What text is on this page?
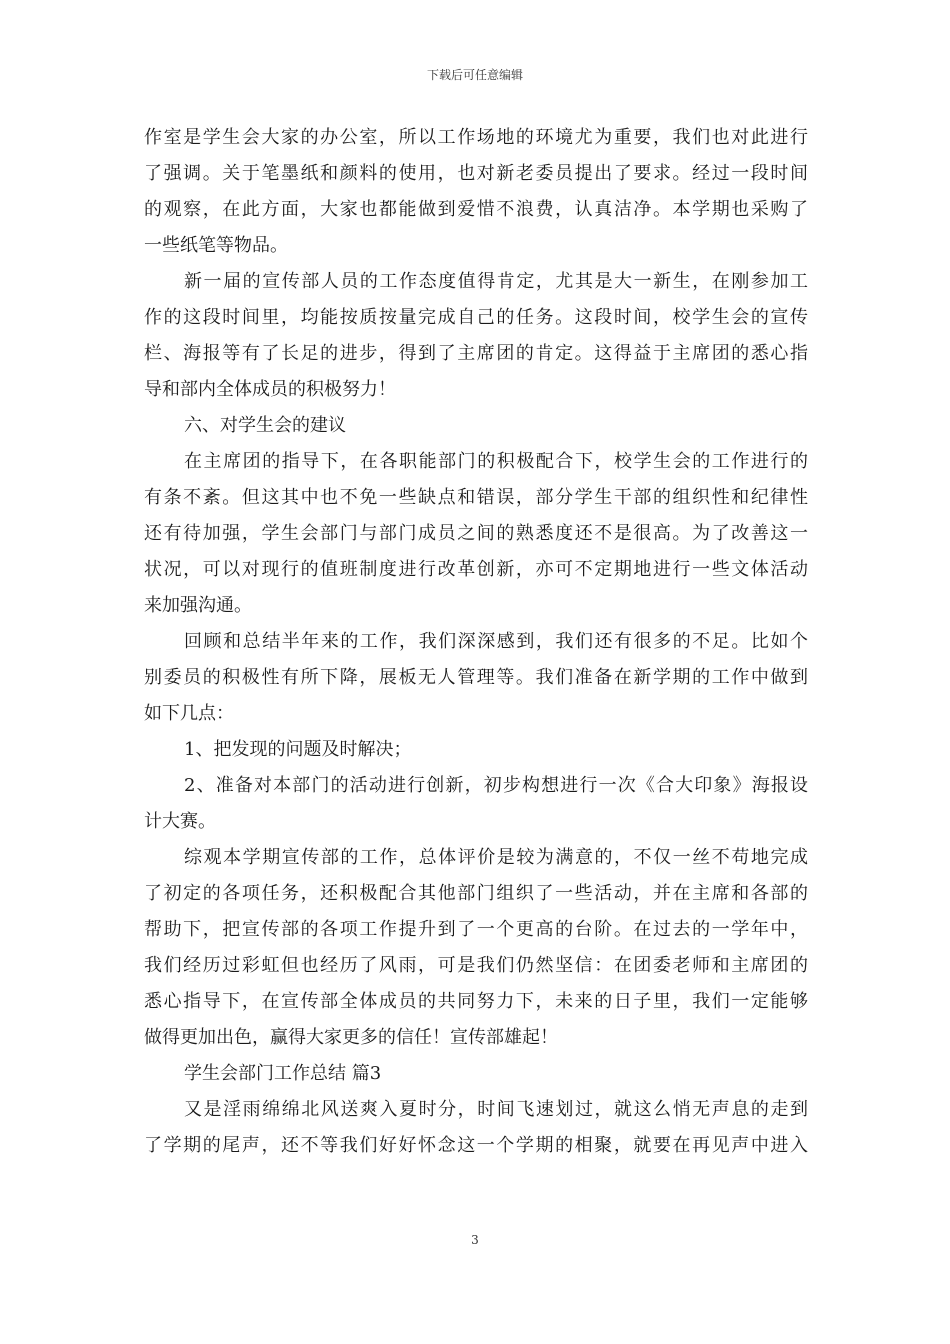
下载后可任意编辑
作室是学生会大家的办公室，所以工作场地的环境尤为重要，我们也对此进行
了强调。关于笔墨纸和颜料的使用，也对新老委员提出了要求。经过一段时间
的观察，在此方面，大家也都能做到爱惜不浪费，认真洁净。本学期也采购了
一些纸笔等物品。
新一届的宣传部人员的工作态度值得肯定，尤其是大一新生，在刚参加工
作的这段时间里，均能按质按量完成自己的任务。这段时间，校学生会的宣传
栏、海报等有了长足的进步，得到了主席团的肯定。这得益于主席团的悉心指
导和部内全体成员的积极努力！
六、对学生会的建议
在主席团的指导下，在各职能部门的积极配合下，校学生会的工作进行的
有条不紊。但这其中也不免一些缺点和错误，部分学生干部的组织性和纪律性
还有待加强，学生会部门与部门成员之间的熟悉度还不是很高。为了改善这一
状况，可以对现行的值班制度进行改革创新，亦可不定期地进行一些文体活动
来加强沟通。
回顾和总结半年来的工作，我们深深感到，我们还有很多的不足。比如个
别委员的积极性有所下降，展板无人管理等。我们准备在新学期的工作中做到
如下几点：
1、把发现的问题及时解决；
2、准备对本部门的活动进行创新，初步构想进行一次《合大印象》海报设
计大赛。
综观本学期宣传部的工作，总体评价是较为满意的，不仅一丝不苟地完成
了初定的各项任务，还积极配合其他部门组织了一些活动，并在主席和各部的
帮助下，把宣传部的各项工作提升到了一个更高的台阶。在过去的一学年中，
我们经历过彩虹但也经历了风雨，可是我们仍然坚信：在团委老师和主席团的
悉心指导下，在宣传部全体成员的共同努力下，未来的日子里，我们一定能够
做得更加出色，赢得大家更多的信任！宣传部雄起！
学生会部门工作总结 篇3
又是淫雨绵绵北风送爽入夏时分，时间飞速划过，就这么悄无声息的走到
了学期的尾声，还不等我们好好怀念这一个学期的相聚，就要在再见声中进入
3
